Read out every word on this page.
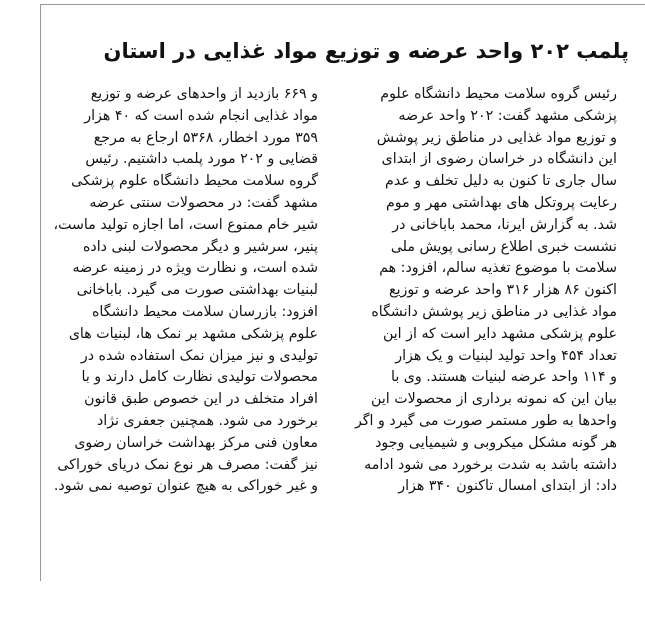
پلمب ۲۰۲ واحد عرضه و توزیع مواد غذایی در استان
رئیس گروه سلامت محیط دانشگاه علوم
پزشکی مشهد گفت: ۲۰۲ واحد عرضه
و توزیع مواد غذایی در مناطق زیر پوشش
این دانشگاه در خراسان رضوی از ابتدای
سال جاری تا کنون به دلیل تخلف و عدم
رعایت پروتکل های بهداشتی مهر و موم
شد. به گزارش ایرنا، محمد باباخانی در
نشست خبری اطلاع رسانی پویش ملی
سلامت با موضوع تغذیه سالم، افزود: هم
اکنون ۸۶ هزار ۳۱۶ واحد عرضه و توزیع
مواد غذایی در مناطق زیر پوشش دانشگاه
علوم پزشکی مشهد دایر است که از این
تعداد ۴۵۴ واحد تولید لبنیات و یک هزار
و ۱۱۴ واحد عرضه لبنیات هستند. وی با
بیان این که نمونه برداری از محصولات این
واحدها به طور مستمر صورت می گیرد و اگر
هر گونه مشکل میکروبی و شیمیایی وجود
داشته باشد به شدت برخورد می شود ادامه
داد: از ابتدای امسال تاکنون ۳۴۰ هزار
و ۶۶۹ بازدید از واحدهای عرضه و توزیع
مواد غذایی انجام شده است که ۴۰ هزار
۳۵۹ مورد اخطار، ۵۳۶۸ ارجاع به مرجع
قضایی و ۲۰۲ مورد پلمب داشتیم. رئیس
گروه سلامت محیط دانشگاه علوم پزشکی
مشهد گفت: در محصولات سنتی عرضه
شیر خام ممنوع است، اما اجازه تولید ماست،
پنیر، سرشیر و دیگر محصولات لبنی داده
شده است، و نظارت ویژه در زمینه عرضه
لبنیات بهداشتی صورت می گیرد. باباخانی
افزود: بازرسان سلامت محیط دانشگاه
علوم پزشکی مشهد بر نمک ها، لبنیات های
تولیدی و نیز میزان نمک استفاده شده در
محصولات تولیدی نظارت کامل دارند و با
افراد متخلف در این خصوص طبق قانون
برخورد می شود. همچنین جعفری نژاد
معاون فنی مرکز بهداشت خراسان رضوی
نیز گفت: مصرف هر نوع نمک دریای خوراکی
و غیر خوراکی به هیچ عنوان توصیه نمی شود.
